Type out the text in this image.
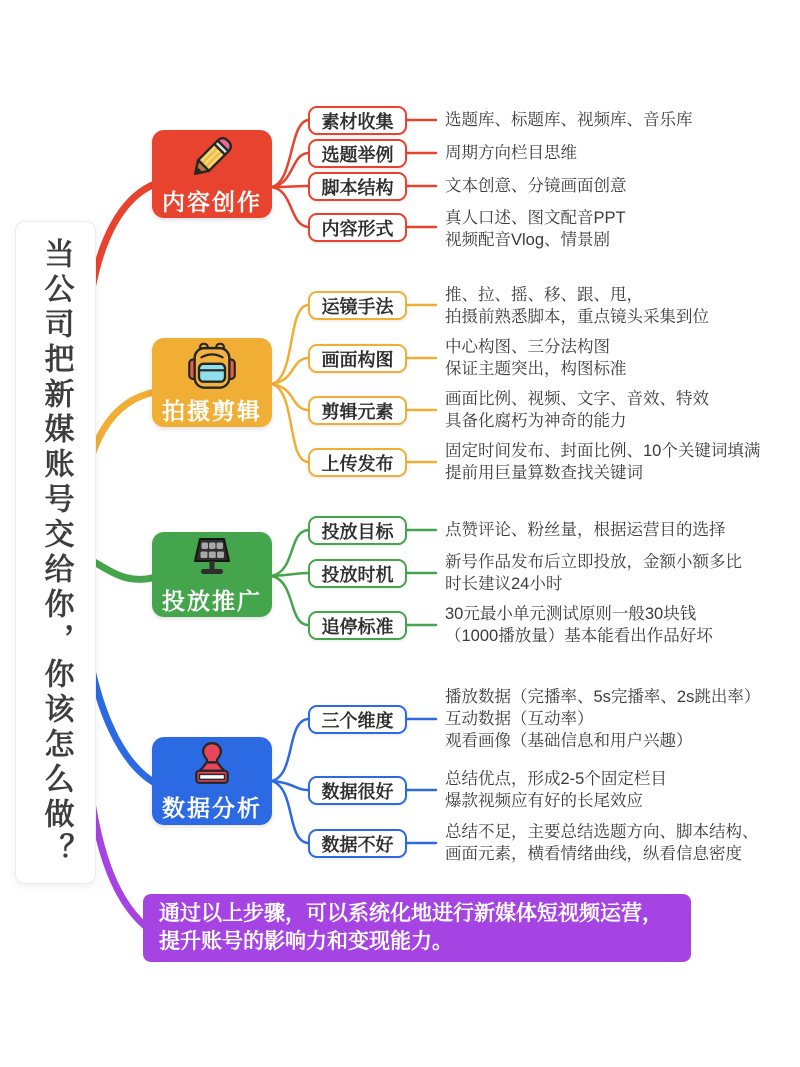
当公司把新媒账号交给你，你该怎么做？
内容创作
素材收集
选题举例
脚本结构
内容形式
选题库、标题库、视频库、音乐库
周期方向栏目思维
文本创意、分镜画面创意
真人口述、图文配音PPT
视频配音Vlog、情景剧
拍摄剪辑
运镜手法
画面构图
剪辑元素
上传发布
推、拉、摇、移、跟、甩，
拍摄前熟悉脚本，重点镜头采集到位
中心构图、三分法构图
保证主题突出，构图标准
画面比例、视频、文字、音效、特效
具备化腐朽为神奇的能力
固定时间发布、封面比例、10个关键词填满
提前用巨量算数查找关键词
投放推广
投放目标
投放时机
追停标准
点赞评论、粉丝量，根据运营目的选择
新号作品发布后立即投放，金额小额多比
时长建议24小时
30元最小单元测试原则一般30块钱
（1000播放量）基本能看出作品好坏
数据分析
三个维度
数据很好
数据不好
播放数据（完播率、5s完播率、2s跳出率）
互动数据（互动率）
观看画像（基础信息和用户兴趣）
总结优点，形成2-5个固定栏目
爆款视频应有好的长尾效应
总结不足，主要总结选题方向、脚本结构、
画面元素，横看情绪曲线，纵看信息密度
通过以上步骤，可以系统化地进行新媒体短视频运营，
提升账号的影响力和变现能力。
